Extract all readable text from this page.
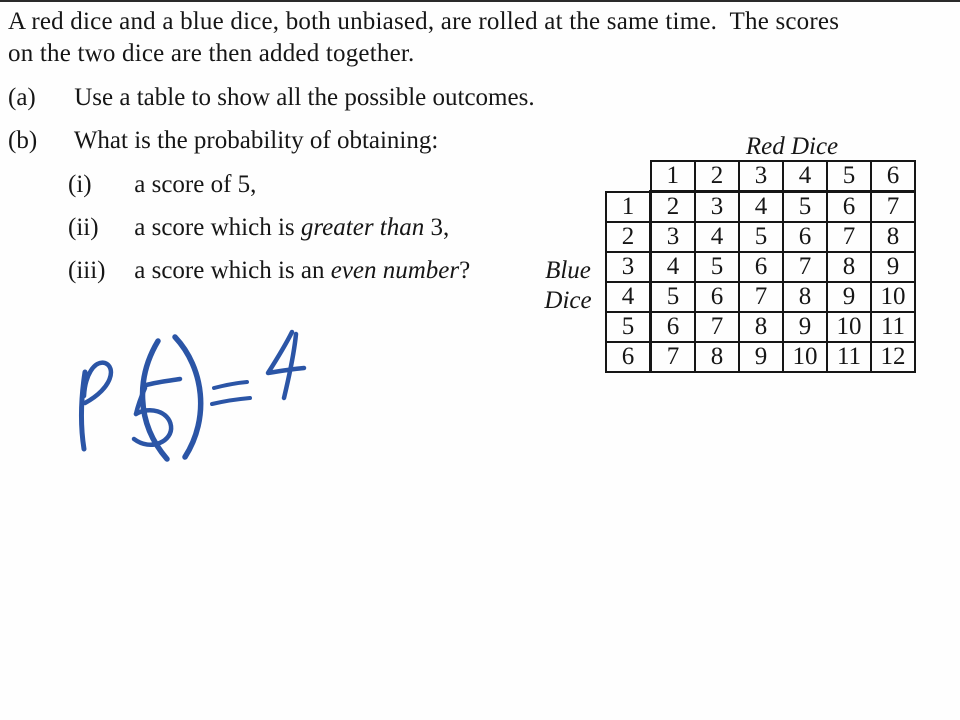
A red dice and a blue dice, both unbiased, are rolled at the same time.  The scores
on the two dice are then added together.
(a) Use a table to show all the possible outcomes.
(b) What is the probability of obtaining:
(i) a score of 5,
(ii) a score which is greater than 3,
(iii) a score which is an even number?
Red Dice
Blue
Dice
	1	2	3	4	5	6
1	2	3	4	5	6	7
2	3	4	5	6	7	8
3	4	5	6	7	8	9
4	5	6	7	8	9	10
5	6	7	8	9	10	11
6	7	8	9	10	11	12
